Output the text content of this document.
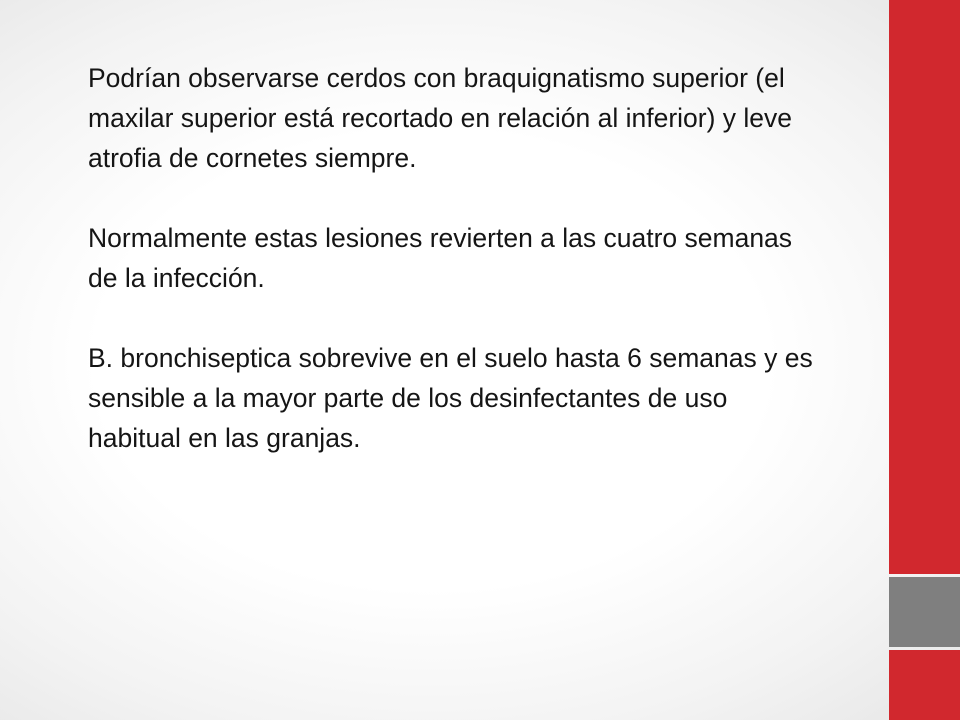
Podrían observarse cerdos con braquignatismo superior (el maxilar superior está recortado en relación al inferior) y leve atrofia de cornetes siempre.

Normalmente estas lesiones revierten a las cuatro semanas de la infección.

B. bronchiseptica sobrevive en el suelo hasta 6 semanas y es sensible a la mayor parte de los desinfectantes de uso habitual en las granjas.
